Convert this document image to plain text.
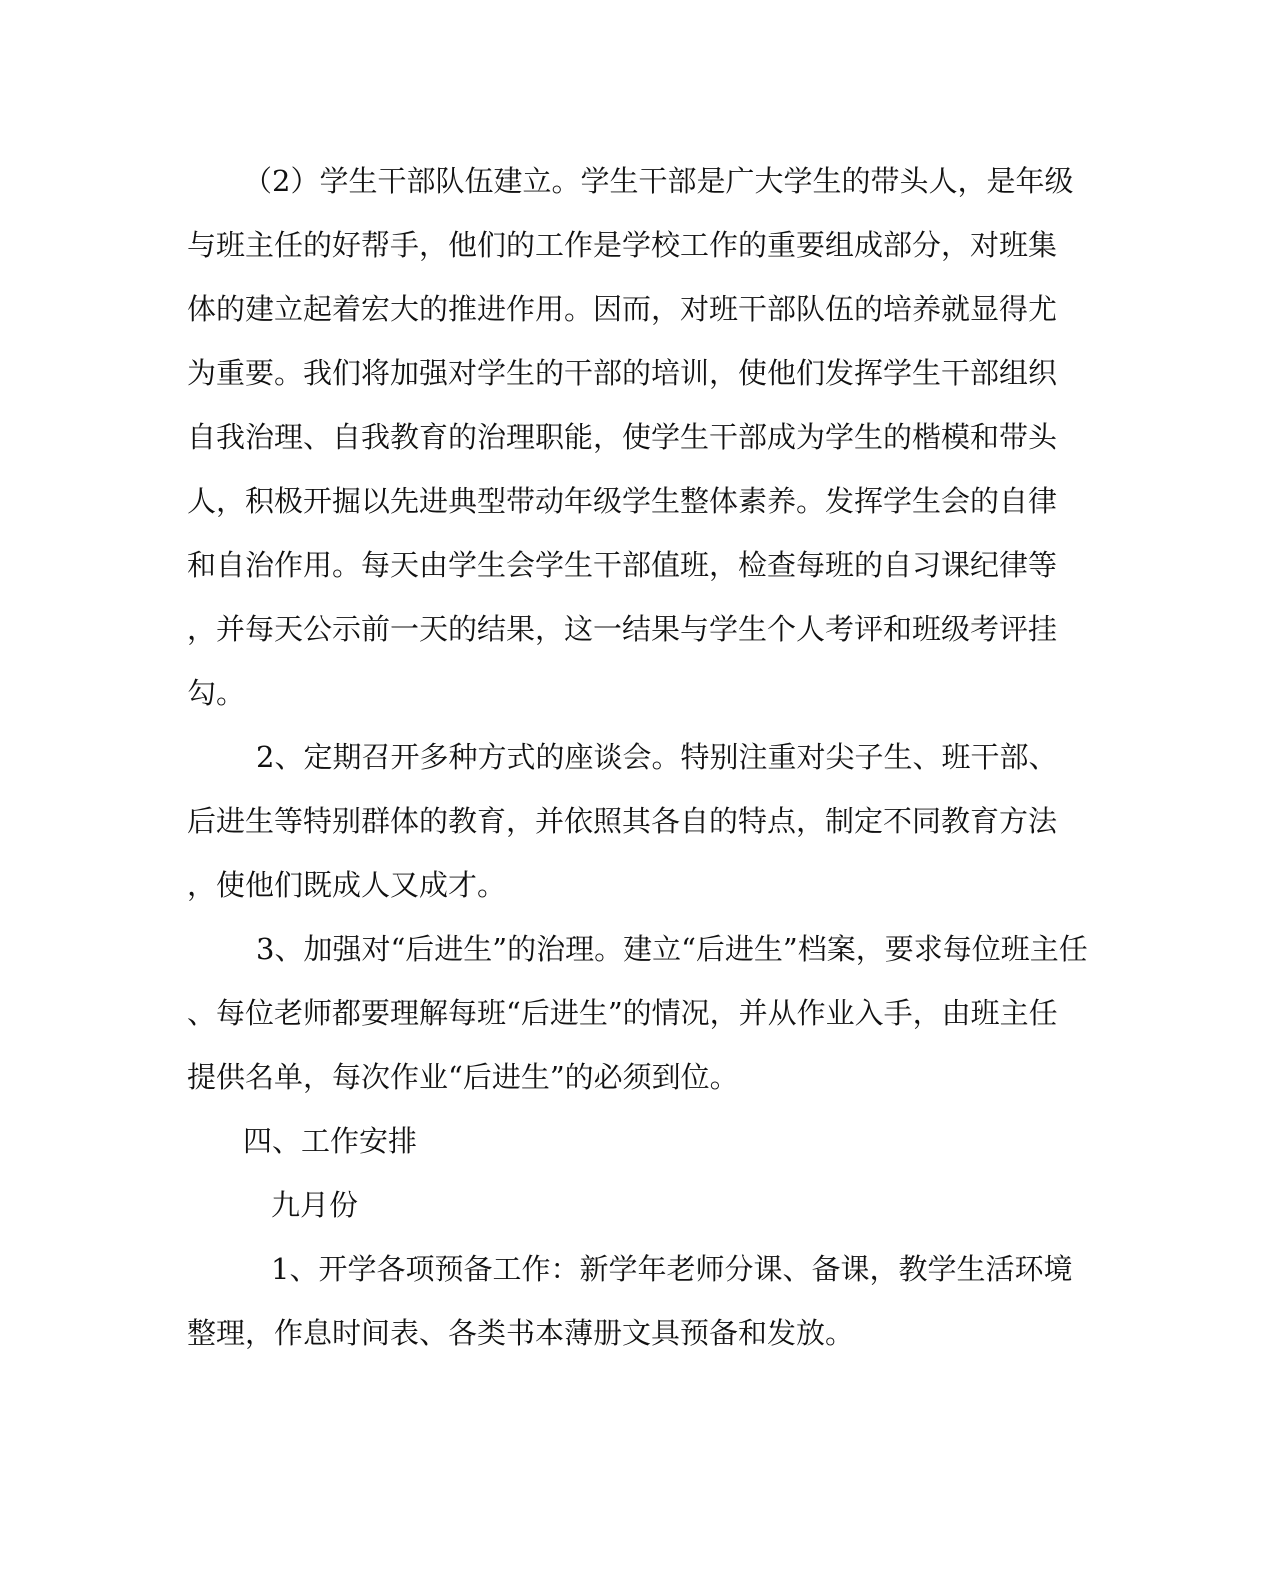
（2）学生干部队伍建立。学生干部是广大学生的带头人，是年级
与班主任的好帮手，他们的工作是学校工作的重要组成部分，对班集
体的建立起着宏大的推进作用。因而，对班干部队伍的培养就显得尤
为重要。我们将加强对学生的干部的培训，使他们发挥学生干部组织
自我治理、自我教育的治理职能，使学生干部成为学生的楷模和带头
人，积极开掘以先进典型带动年级学生整体素养。发挥学生会的自律
和自治作用。每天由学生会学生干部值班，检查每班的自习课纪律等
，并每天公示前一天的结果，这一结果与学生个人考评和班级考评挂
勾。
2、定期召开多种方式的座谈会。特别注重对尖子生、班干部、
后进生等特别群体的教育，并依照其各自的特点，制定不同教育方法
，使他们既成人又成才。
3、加强对“后进生”的治理。建立“后进生”档案，要求每位班主任
、每位老师都要理解每班“后进生”的情况，并从作业入手，由班主任
提供名单，每次作业“后进生”的必须到位。
四、工作安排
九月份
1、开学各项预备工作：新学年老师分课、备课，教学生活环境
整理，作息时间表、各类书本薄册文具预备和发放。
